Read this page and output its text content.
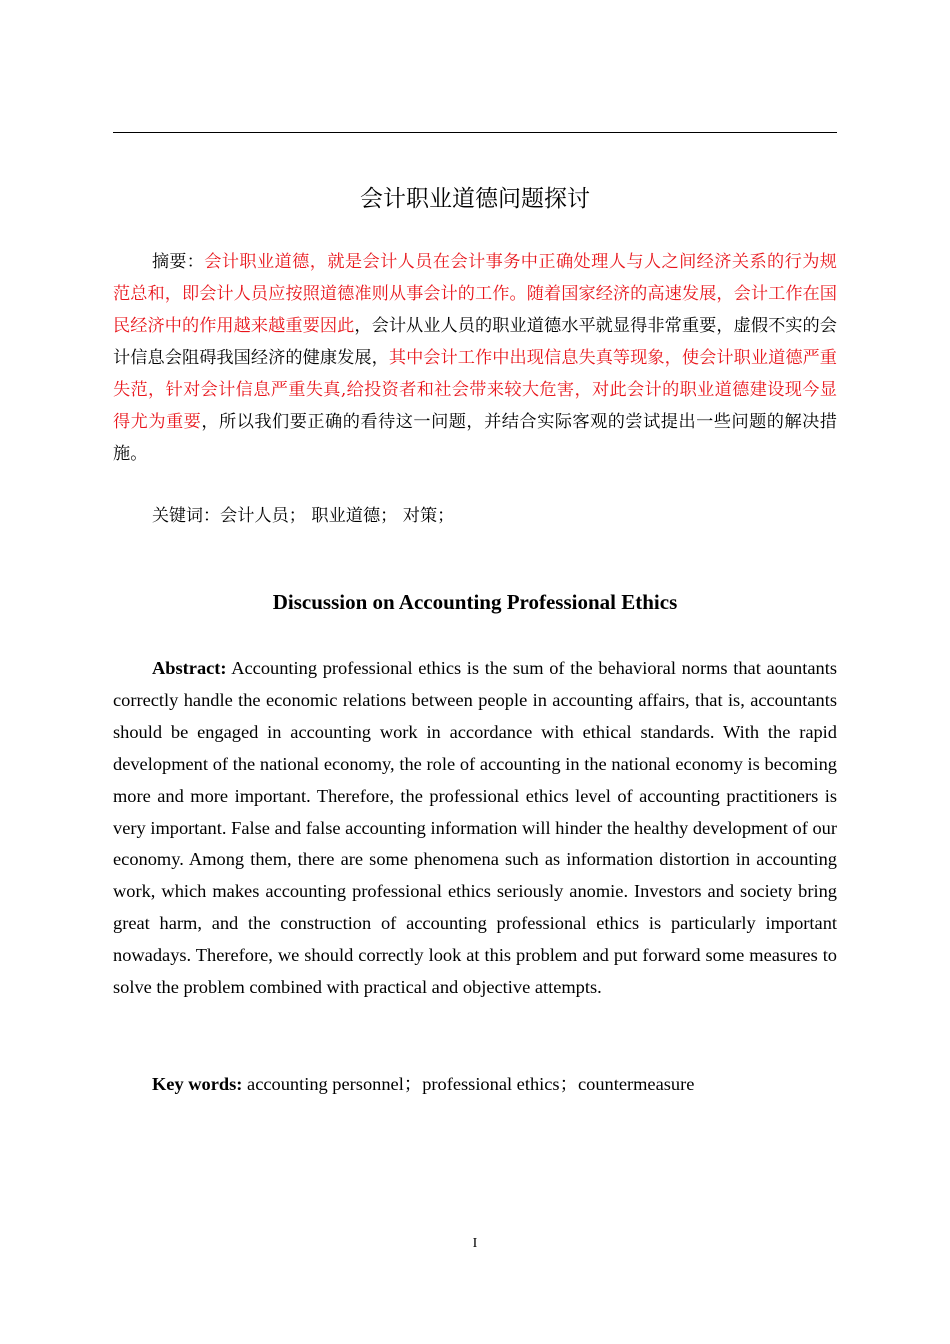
会计职业道德问题探讨

摘要：会计职业道德，就是会计人员在会计事务中正确处理人与人之间经济关系的行为规范总和，即会计人员应按照道德准则从事会计的工作。随着国家经济的高速发展，会计工作在国民经济中的作用越来越重要因此，会计从业人员的职业道德水平就显得非常重要，虚假不实的会计信息会阻碍我国经济的健康发展，其中会计工作中出现信息失真等现象，使会计职业道德严重失范，针对会计信息严重失真,给投资者和社会带来较大危害，对此会计的职业道德建设现今显得尤为重要，所以我们要正确的看待这一问题，并结合实际客观的尝试提出一些问题的解决措施。

关键词：会计人员； 职业道德； 对策；

Discussion on Accounting Professional Ethics

Abstract: Accounting professional ethics is the sum of the behavioral norms that aountants correctly handle the economic relations between people in accounting affairs, that is, accountants should be engaged in accounting work in accordance with ethical standards. With the rapid development of the national economy, the role of accounting in the national economy is becoming more and more important. Therefore, the professional ethics level of accounting practitioners is very important. False and false accounting information will hinder the healthy development of our economy. Among them, there are some phenomena such as information distortion in accounting work, which makes accounting professional ethics seriously anomie. Investors and society bring great harm, and the construction of accounting professional ethics is particularly important nowadays. Therefore, we should correctly look at this problem and put forward some measures to solve the problem combined with practical and objective attempts.

Key words: accounting personnel；professional ethics；countermeasure

I
